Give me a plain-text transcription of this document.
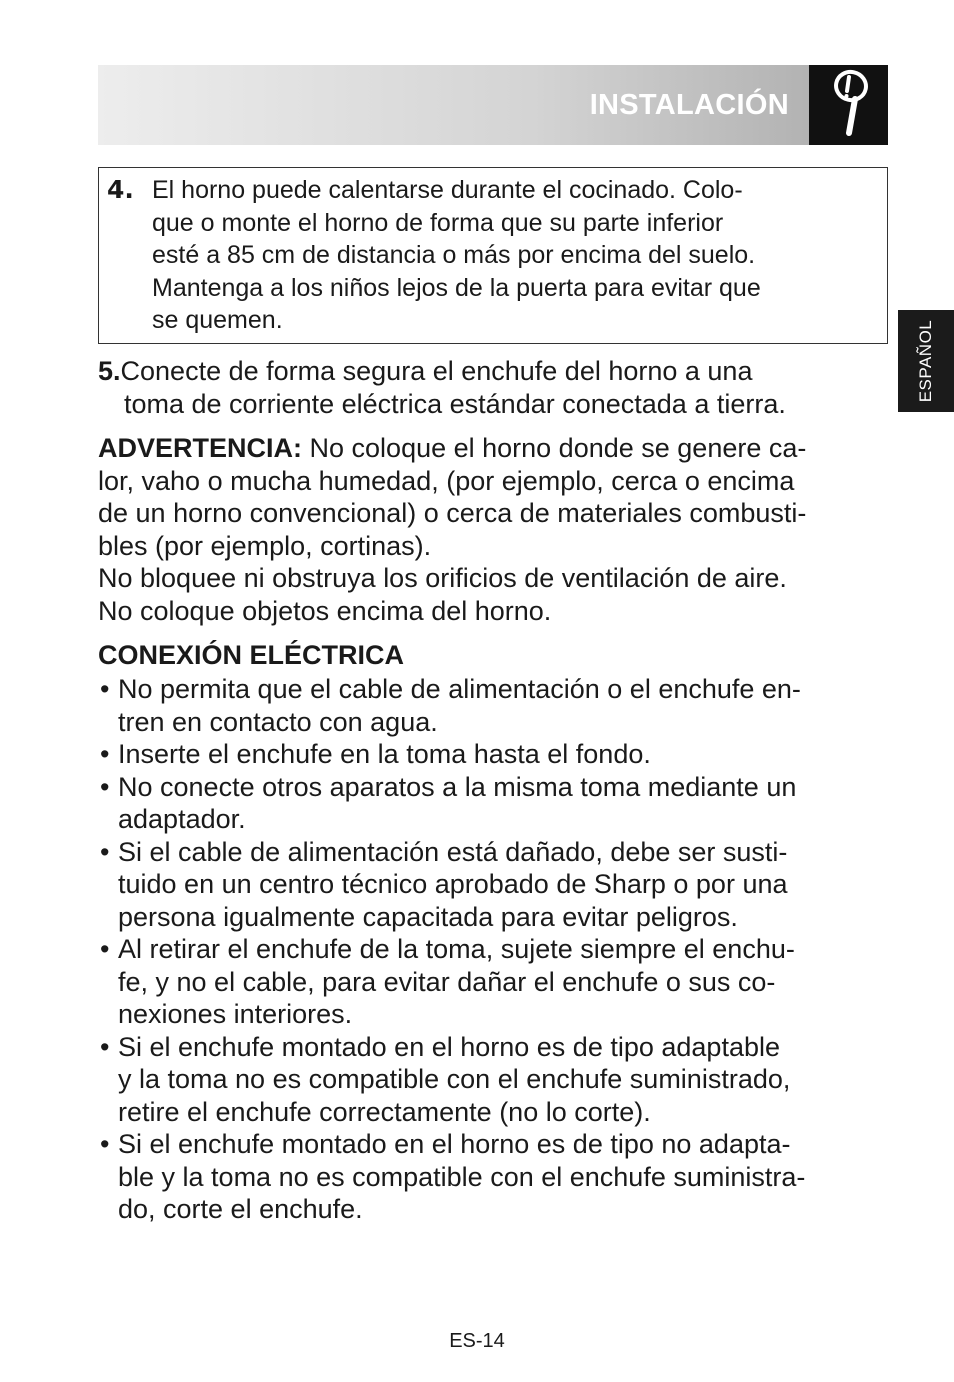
INSTALACIÓN
ESPAÑOL
4. El horno puede calentarse durante el cocinado. Colo-
que o monte el horno de forma que su parte inferior
esté a 85 cm de distancia o más por encima del suelo.
Mantenga a los niños lejos de la puerta para evitar que
se quemen.
5.Conecte de forma segura el enchufe del horno a una
toma de corriente eléctrica estándar conectada a tierra.
ADVERTENCIA: No coloque el horno donde se genere ca-
lor, vaho o mucha humedad, (por ejemplo, cerca o encima
de un horno convencional) o cerca de materiales combusti-
bles (por ejemplo, cortinas).
No bloquee ni obstruya los orificios de ventilación de aire.
No coloque objetos encima del horno.
CONEXIÓN ELÉCTRICA
• No permita que el cable de alimentación o el enchufe en-
tren en contacto con agua.
• Inserte el enchufe en la toma hasta el fondo.
• No conecte otros aparatos a la misma toma mediante un
adaptador.
• Si el cable de alimentación está dañado, debe ser susti-
tuido en un centro técnico aprobado de Sharp o por una
persona igualmente capacitada para evitar peligros.
• Al retirar el enchufe de la toma, sujete siempre el enchu-
fe, y no el cable, para evitar dañar el enchufe o sus co-
nexiones interiores.
• Si el enchufe montado en el horno es de tipo adaptable
y la toma no es compatible con el enchufe suministrado,
retire el enchufe correctamente (no lo corte).
• Si el enchufe montado en el horno es de tipo no adapta-
ble y la toma no es compatible con el enchufe suministra-
do, corte el enchufe.
ES-14
